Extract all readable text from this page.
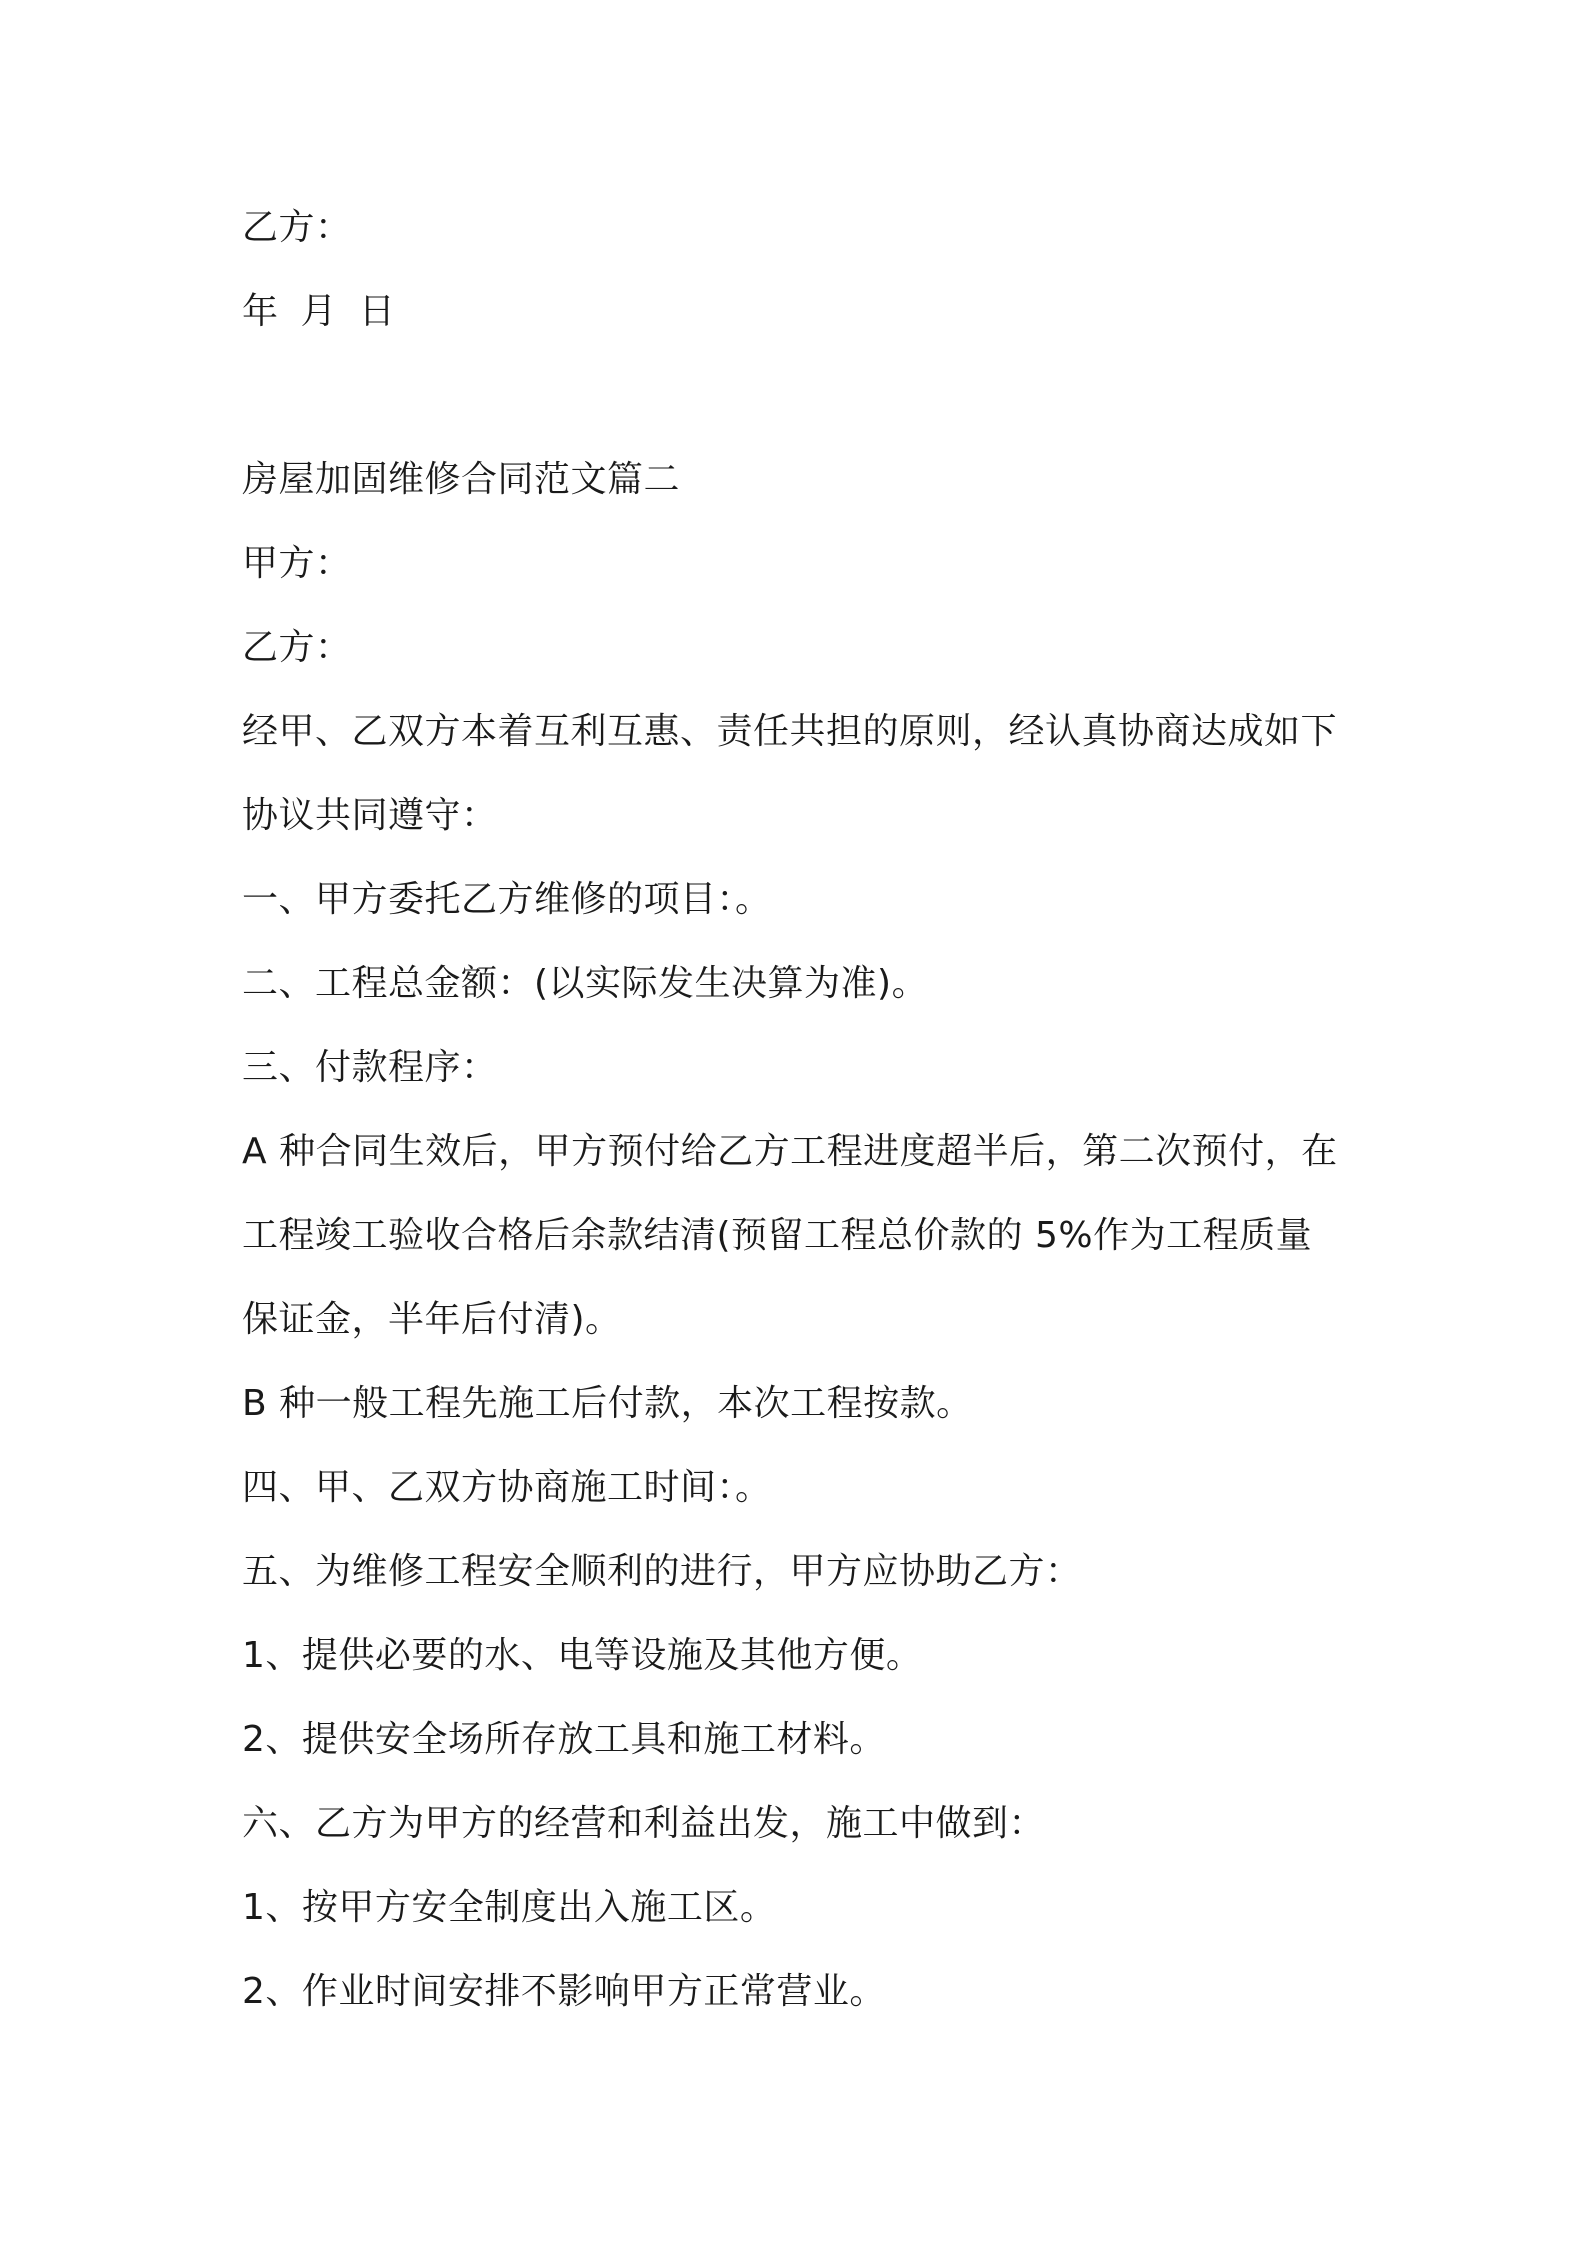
乙方：
年 月 日
房屋加固维修合同范文篇二
甲方：
乙方：
经甲、乙双方本着互利互惠、责任共担的原则，经认真协商达成如下
协议共同遵守：
一、甲方委托乙方维修的项目：。
二、工程总金额：(以实际发生决算为准)。
三、付款程序：
A 种合同生效后，甲方预付给乙方工程进度超半后，第二次预付，在
工程竣工验收合格后余款结清(预留工程总价款的 5%作为工程质量
保证金，半年后付清)。
B 种一般工程先施工后付款，本次工程按款。
四、甲、乙双方协商施工时间：。
五、为维修工程安全顺利的进行，甲方应协助乙方：
1、提供必要的水、电等设施及其他方便。
2、提供安全场所存放工具和施工材料。
六、乙方为甲方的经营和利益出发，施工中做到：
1、按甲方安全制度出入施工区。
2、作业时间安排不影响甲方正常营业。
